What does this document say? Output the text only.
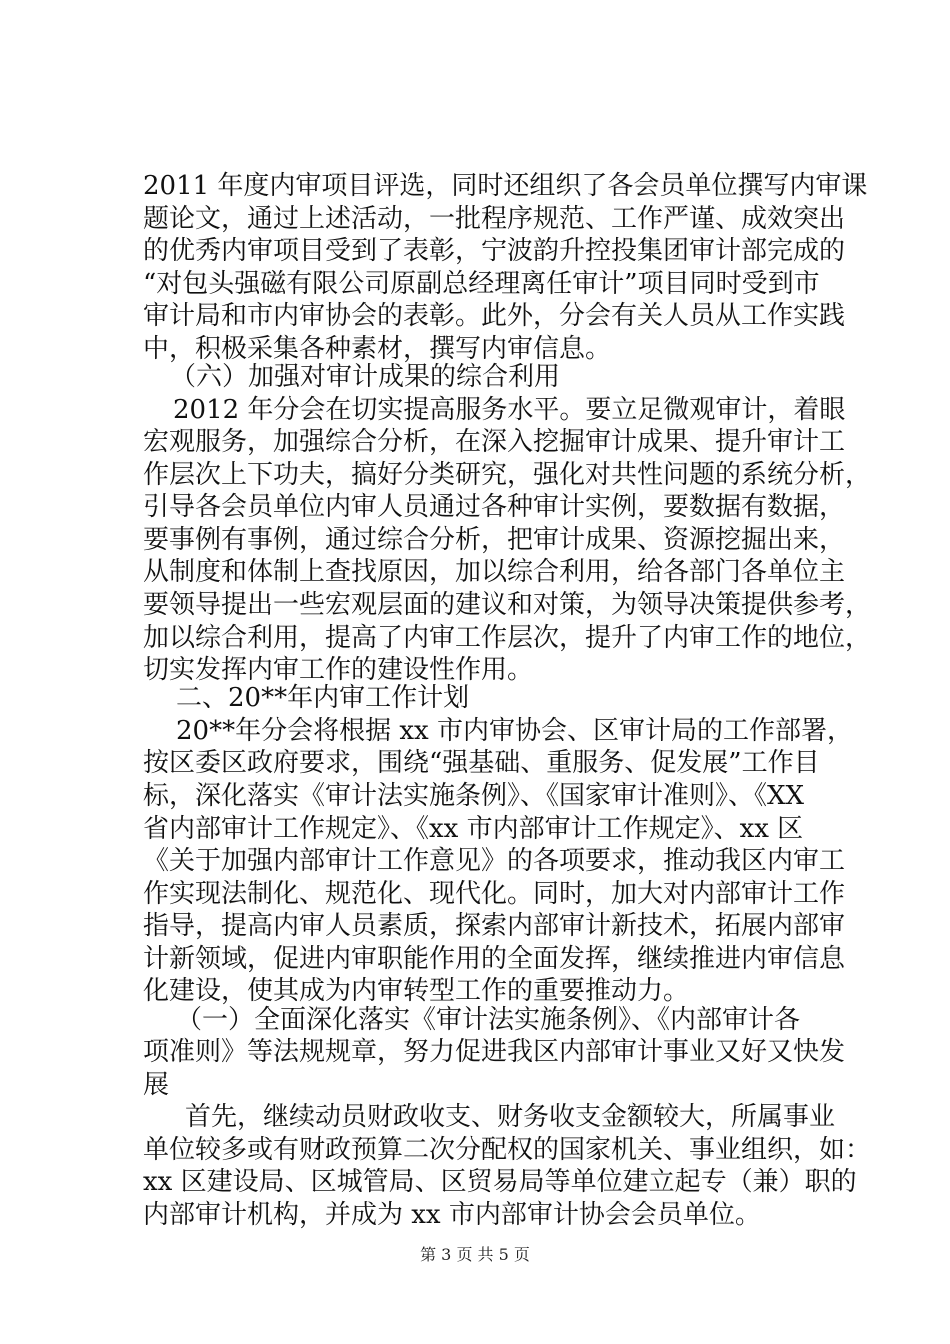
2011 年度内审项目评选，同时还组织了各会员单位撰写内审课
题论文，通过上述活动，一批程序规范、工作严谨、成效突出
的优秀内审项目受到了表彰，宁波韵升控投集团审计部完成的
“对包头强磁有限公司原副总经理离任审计”项目同时受到市
审计局和市内审协会的表彰。此外，分会有关人员从工作实践
中，积极采集各种素材，撰写内审信息。
（六）加强对审计成果的综合利用
2012 年分会在切实提高服务水平。要立足微观审计，着眼
宏观服务，加强综合分析，在深入挖掘审计成果、提升审计工
作层次上下功夫，搞好分类研究，强化对共性问题的系统分析，
引导各会员单位内审人员通过各种审计实例，要数据有数据，
要事例有事例，通过综合分析，把审计成果、资源挖掘出来，
从制度和体制上查找原因，加以综合利用，给各部门各单位主
要领导提出一些宏观层面的建议和对策，为领导决策提供参考，
加以综合利用，提高了内审工作层次，提升了内审工作的地位，
切实发挥内审工作的建设性作用。
二、20**年内审工作计划
20**年分会将根据 xx 市内审协会、区审计局的工作部署，
按区委区政府要求，围绕“强基础、重服务、促发展”工作目
标，深化落实《审计法实施条例》、《国家审计准则》、《XX
省内部审计工作规定》、《xx 市内部审计工作规定》、xx 区
《关于加强内部审计工作意见》的各项要求，推动我区内审工
作实现法制化、规范化、现代化。同时，加大对内部审计工作
指导，提高内审人员素质，探索内部审计新技术，拓展内部审
计新领域，促进内审职能作用的全面发挥，继续推进内审信息
化建设，使其成为内审转型工作的重要推动力。
（一）全面深化落实《审计法实施条例》、《内部审计各
项准则》等法规规章，努力促进我区内部审计事业又好又快发
展
首先，继续动员财政收支、财务收支金额较大，所属事业
单位较多或有财政预算二次分配权的国家机关、事业组织，如：
xx 区建设局、区城管局、区贸易局等单位建立起专（兼）职的
内部审计机构，并成为 xx 市内部审计协会会员单位。
第 3 页 共 5 页
